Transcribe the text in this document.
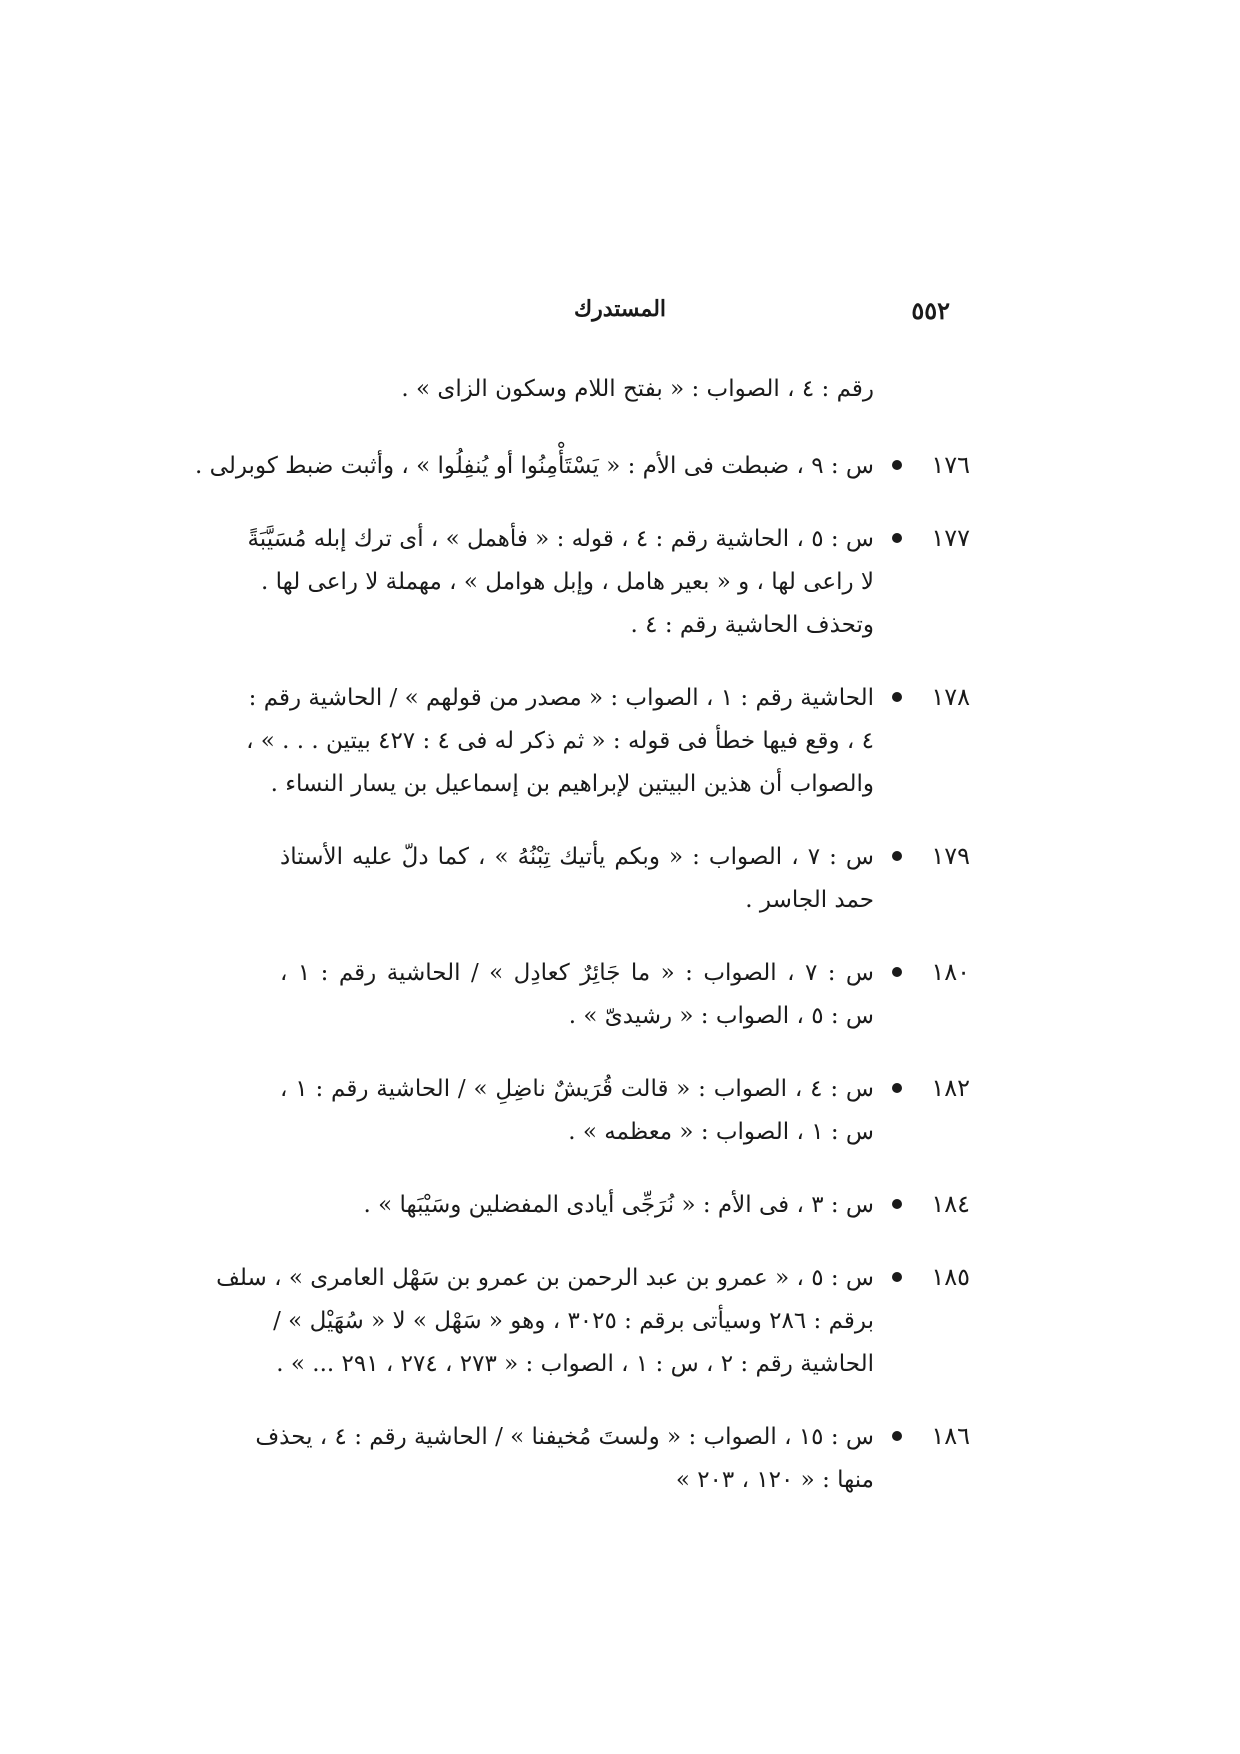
٥٥٢
المستدرك
رقم : ٤ ، الصواب : « بفتح اللام وسكون الزاى » .
١٧٦
س : ٩ ، ضبطت فى الأم : « يَسْتَأْمِنُوا أو يُنفِلُوا » ، وأثبت ضبط كوبرلى .
١٧٧
س : ٥ ، الحاشية رقم : ٤ ، قوله : « فأهمل » ، أى ترك إبله مُسَيَّبَةً
لا راعى لها ، و « بعير هامل ، وإبل هوامل » ، مهملة لا راعى لها .
وتحذف الحاشية رقم : ٤ .
١٧٨
الحاشية رقم : ١ ، الصواب : « مصدر من قولهم » / الحاشية رقم :
٤ ، وقع فيها خطأ فى قوله : « ثم ذكر له فى ٤ : ٤٢٧ بيتين . . . » ،
والصواب أن هذين البيتين لإبراهيم بن إسماعيل بن يسار النساء .
١٧٩
س : ٧ ، الصواب : « وبكم يأتيك تِبْنُهُ » ، كما دلّ عليه الأستاذ
حمد الجاسر .
١٨٠
س : ٧ ، الصواب : « ما جَائِرٌ كعادِل » / الحاشية رقم : ١ ،
س : ٥ ، الصواب : « رشيدىّ » .
١٨٢
س : ٤ ، الصواب : « قالت قُرَيشٌ ناضِلِ » / الحاشية رقم : ١ ،
س : ١ ، الصواب : « معظمه » .
١٨٤
س : ٣ ، فى الأم : « نُرَجِّى أيادى المفضلين وسَيْبَها » .
١٨٥
س : ٥ ، « عمرو بن عبد الرحمن بن عمرو بن سَهْل العامرى » ، سلف
برقم : ٢٨٦ وسيأتى برقم : ٣٠٢٥ ، وهو « سَهْل » لا « سُهَيْل » /
الحاشية رقم : ٢ ، س : ١ ، الصواب : « ٢٧٣ ، ٢٧٤ ، ٢٩١ ... » .
١٨٦
س : ١٥ ، الصواب : « ولستَ مُخيفنا » / الحاشية رقم : ٤ ، يحذف
منها : « ١٢٠ ، ٢٠٣ »
